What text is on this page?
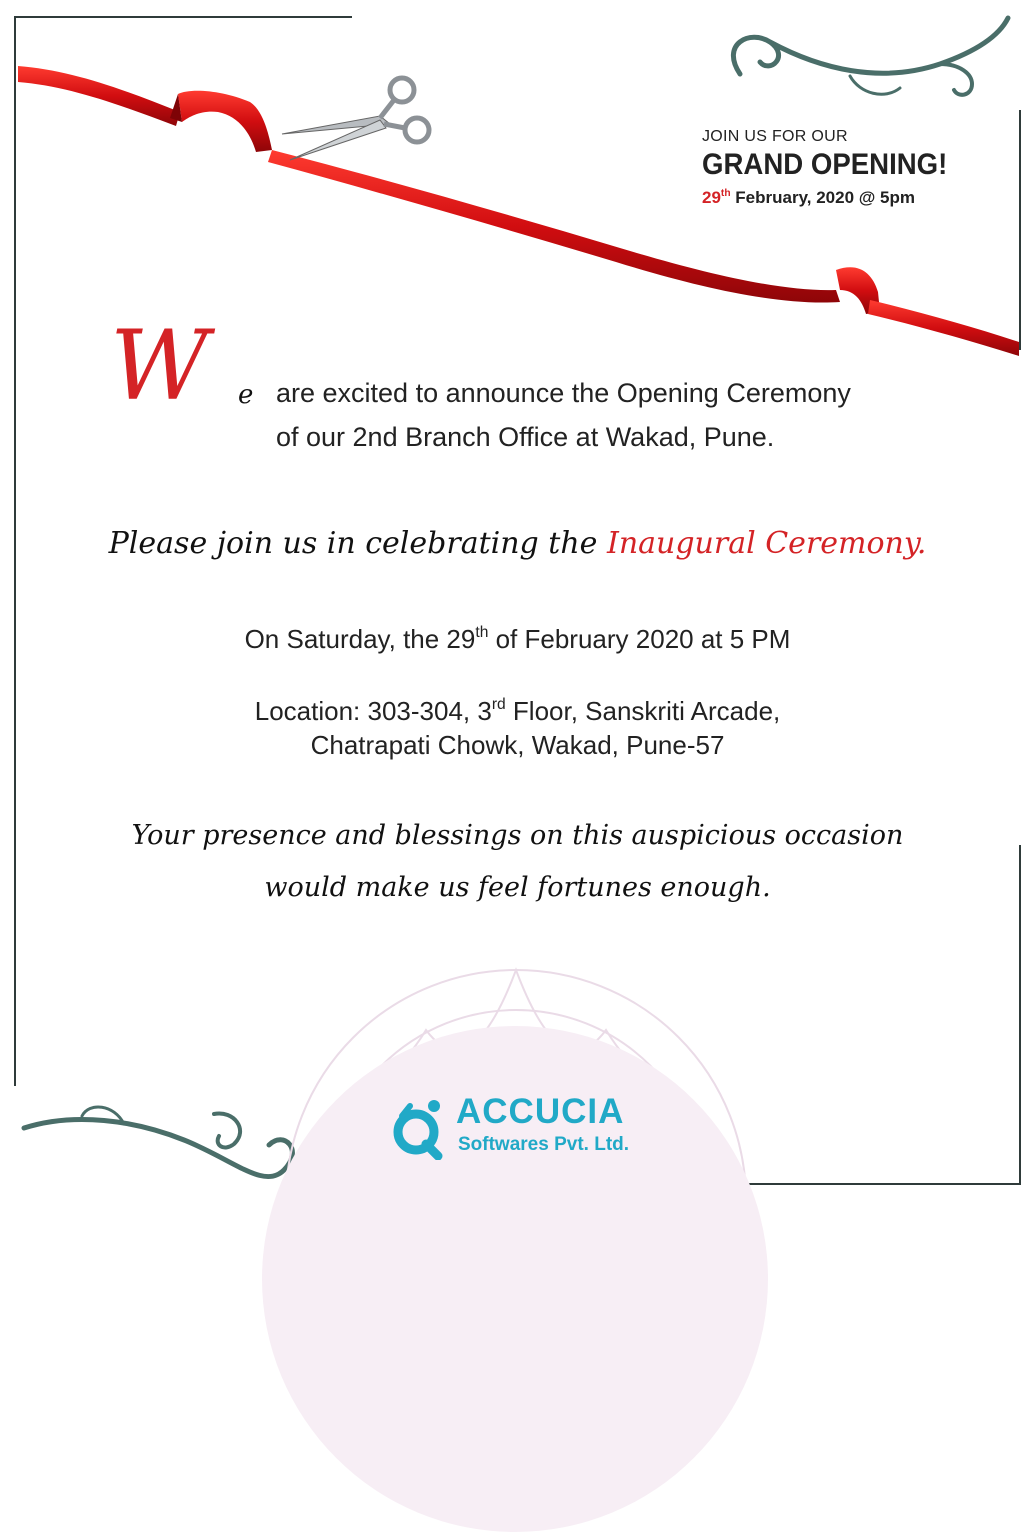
JOIN US FOR OUR
GRAND OPENING!
29th February, 2020 @ 5pm
W e are excited to announce the Opening Ceremony
of our 2nd Branch Office at Wakad, Pune.
Please join us in celebrating the Inaugural Ceremony.
On Saturday, the 29th of February 2020 at 5 PM
Location: 303-304, 3rd Floor, Sanskriti Arcade,
Chatrapati Chowk, Wakad, Pune-57
Your presence and blessings on this auspicious occasion
would make us feel fortunes enough.
ACCUCIA
Softwares Pvt. Ltd.
